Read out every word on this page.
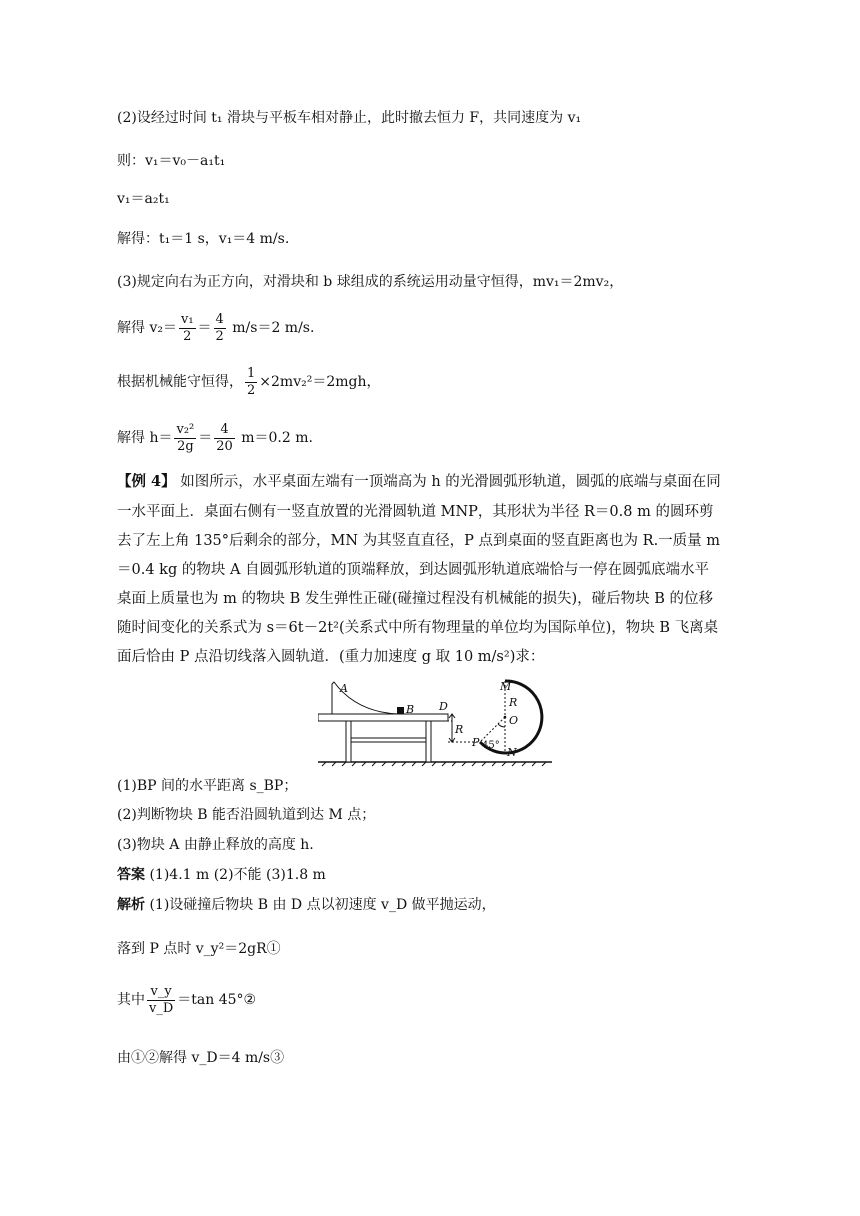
(2)设经过时间 t₁ 滑块与平板车相对静止，此时撤去恒力 F，共同速度为 v₁
则：v₁＝v₀－a₁t₁
v₁＝a₂t₁
解得：t₁＝1 s，v₁＝4 m/s.
(3)规定向右为正方向，对滑块和 b 球组成的系统运用动量守恒得，mv₁＝2mv₂，
解得 $v_2= \frac{\text{v₁}}{2} = \frac{4}{2} m/s=2$ m/s.
根据机械能守恒得， $\frac{1}{2} \times 2mv_2^2=2mgh$，
解得 $h= \frac{\text{v₂²}}{2g} = \frac{4}{20} m=0.2$ m.
【例 4】 如图所示，水平桌面左端有一顶端高为 h 的光滑圆弧形轨道，圆弧的底端与桌面在同
一水平面上．桌面右侧有一竖直放置的光滑圆轨道 MNP，其形状为半径 R＝0.8 m 的圆环剪
去了左上角 135°后剩余的部分，MN 为其竖直直径，P 点到桌面的竖直距离也为 R.一质量 m
＝0.4 kg 的物块 A 自圆弧形轨道的顶端释放，到达圆弧形轨道底端恰与一停在圆弧底端水平
桌面上质量也为 m 的物块 B 发生弹性正碰(碰撞过程没有机械能的损失)，碰后物块 B 的位移
随时间变化的关系式为 s＝6t－2t²(关系式中所有物理量的单位均为国际单位)，物块 B 飞离桌
面后恰由 P 点沿切线落入圆轨道．(重力加速度 g 取 10 m/s²)求：
A
B D
R
M
R
O
P 45°
N
(1)BP 间的水平距离 s_BP；
(2)判断物块 B 能否沿圆轨道到达 M 点；
(3)物块 A 由静止释放的高度 h.
答案 (1)4.1 m (2)不能 (3)1.8 m
解析 (1)设碰撞后物块 B 由 D 点以初速度 v_D 做平抛运动，
落到 P 点时 v_y²＝2gR①
其中 $\frac{v\_y}{v\_D} =\tan$ 45°②
由①②解得 v_D＝4 m/s③
